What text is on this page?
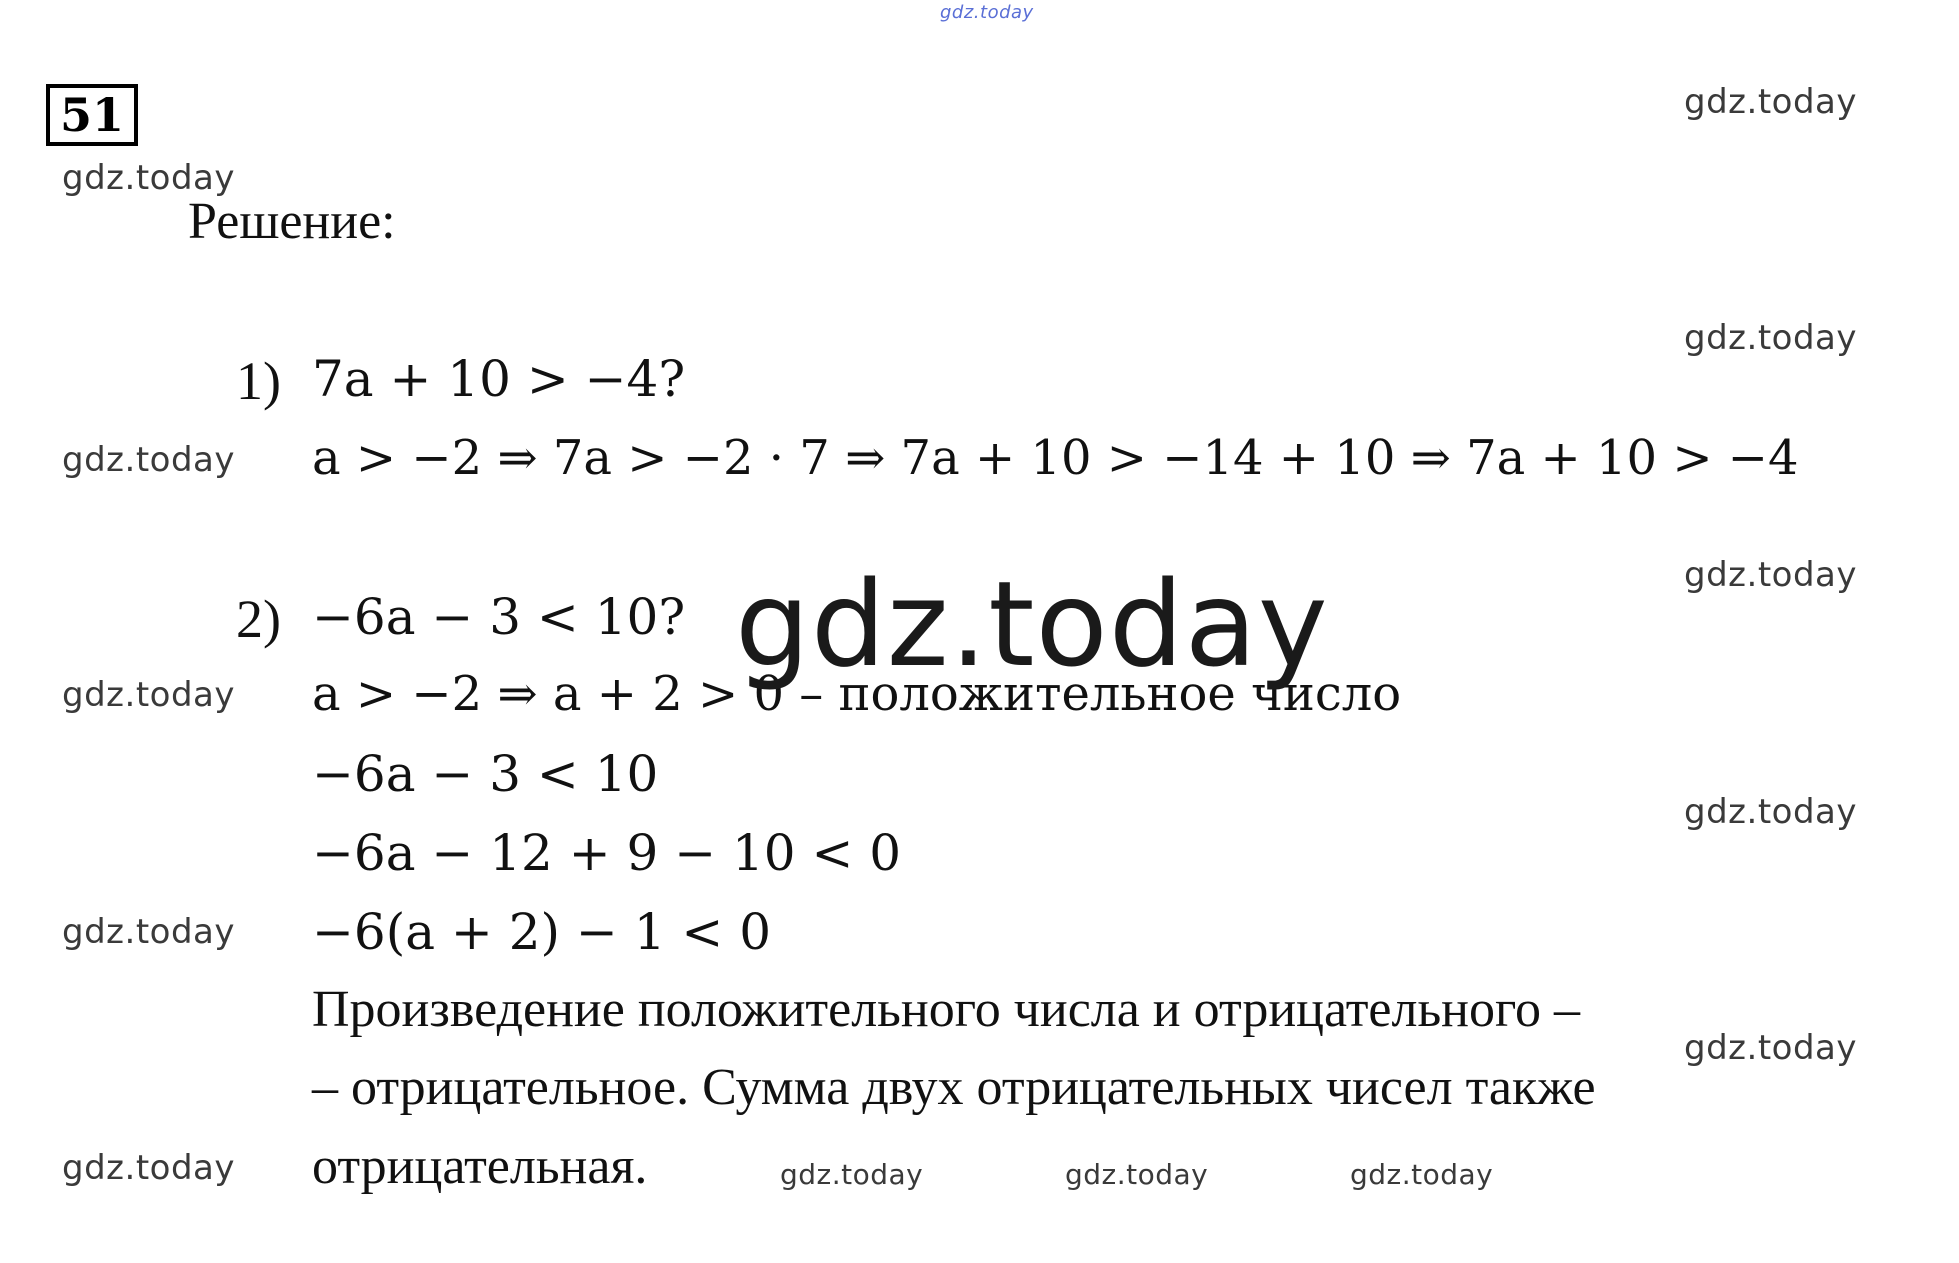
gdz.today
51
gdz.today
gdz.today
gdz.today
gdz.today
gdz.today
gdz.today
gdz.today
gdz.today
gdz.today
gdz.today
gdz.today	gdz.today	gdz.today
Решение:
1) 7a + 10 > −4?
a > −2 ⇒ 7a > −2 · 7 ⇒ 7a + 10 > −14 + 10 ⇒ 7a + 10 > −4
2) −6a − 3 < 10? gdz.today
a > −2 ⇒ a + 2 > 0 – положительное число
−6a − 3 < 10
−6a − 12 + 9 − 10 < 0
−6(a + 2) − 1 < 0
Произведение положительного числа и отрицательного –
– отрицательное. Сумма двух отрицательных чисел также
отрицательная.
